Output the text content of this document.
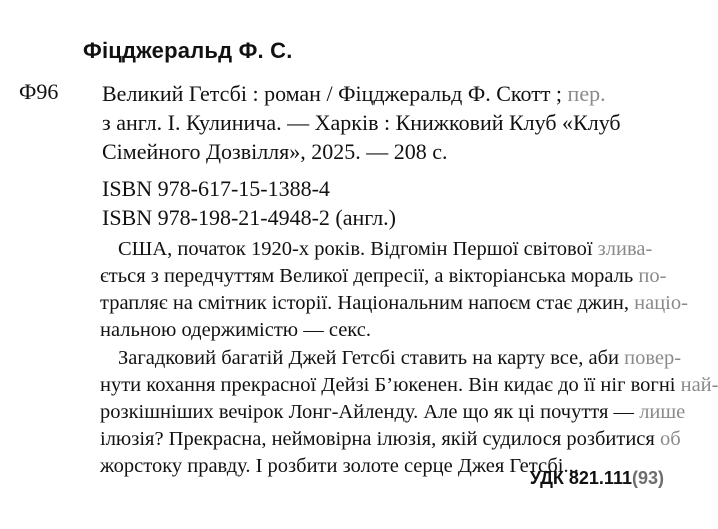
Фіцджеральд Ф. С.
Ф96 Великий Гетсбі : роман / Фіцджеральд Ф. Скотт ; пер.
з англ. І. Кулинича. — Харків : Книжковий Клуб «Клуб
Сімейного Дозвілля», 2025. — 208 с.
ISBN 978-617-15-1388-4
ISBN 978-198-21-4948-2 (англ.)
США, початок 1920-х років. Відгомін Першої світової злива-
ється з передчуттям Великої депресії, а вікторіанська мораль по-
трапляє на смітник історії. Національним напоєм стає джин, націо-
нальною одержимістю — секс.
Загадковий багатій Джей Гетсбі ставить на карту все, аби повер-
нути кохання прекрасної Дейзі Б’юкенен. Він кидає до її ніг вогні най-
розкішніших вечірок Лонг-Айленду. Але що як ці почуття — лише
ілюзія? Прекрасна, неймовірна ілюзія, якій судилося розбитися об
жорстоку правду. І розбити золоте серце Джея Гетсбі...
УДК 821.111(93)
